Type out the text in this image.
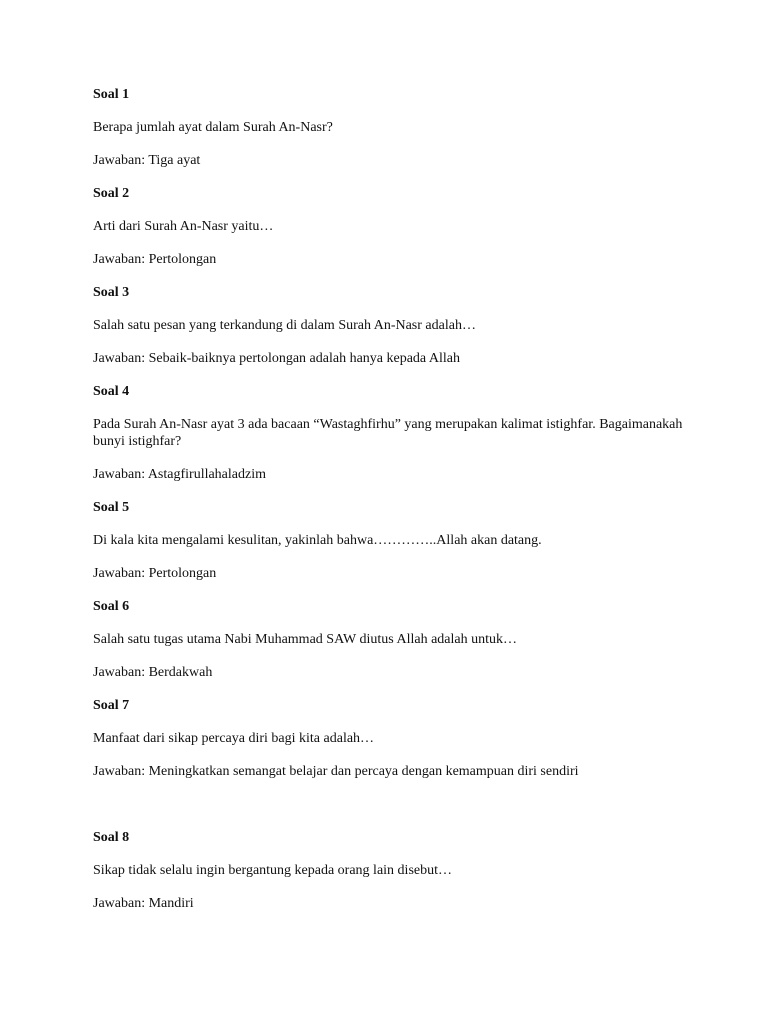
Soal 1
Berapa jumlah ayat dalam Surah An-Nasr?
Jawaban: Tiga ayat
Soal 2
Arti dari Surah An-Nasr yaitu…
Jawaban: Pertolongan
Soal 3
Salah satu pesan yang terkandung di dalam Surah An-Nasr adalah…
Jawaban: Sebaik-baiknya pertolongan adalah hanya kepada Allah
Soal 4
Pada Surah An-Nasr ayat 3 ada bacaan “Wastaghfirhu” yang merupakan kalimat istighfar. Bagaimanakah bunyi istighfar?
Jawaban: Astagfirullahaladzim
Soal 5
Di kala kita mengalami kesulitan, yakinlah bahwa…………..Allah akan datang.
Jawaban: Pertolongan
Soal 6
Salah satu tugas utama Nabi Muhammad SAW diutus Allah adalah untuk…
Jawaban: Berdakwah
Soal 7
Manfaat dari sikap percaya diri bagi kita adalah…
Jawaban: Meningkatkan semangat belajar dan percaya dengan kemampuan diri sendiri
Soal 8
Sikap tidak selalu ingin bergantung kepada orang lain disebut…
Jawaban: Mandiri
